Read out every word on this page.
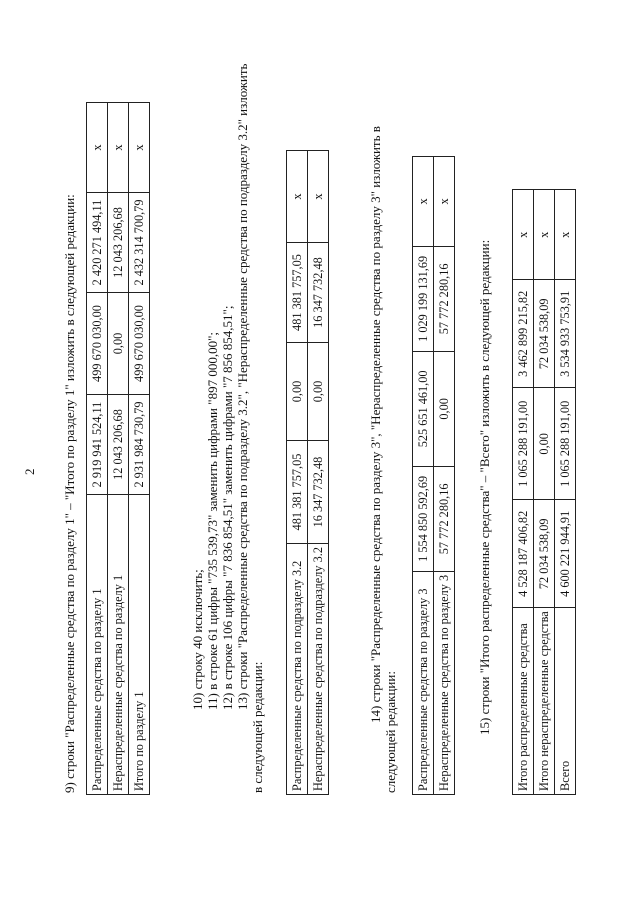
2 9) строки "Распределенные средства по разделу 1" – "Итого по разделу 1" изложить в следующей редакции: Распределенные средства по разделу 1	2 919 941 524,11	499 670 030,00	2 420 271 494,11	x
Нераспределенные средства по разделу 1	12 043 206,68	0,00	12 043 206,68	x
Итого по разделу 1	2 931 984 730,79	499 670 030,00	2 432 314 700,79	x
10) строку 40 исключить; 11) в строке 61 цифры "735 539,73" заменить цифрами "897 000,00"; 12) в строке 106 цифры "7 836 854,51" заменить цифрами "7 856 854,51"; 13) строки "Распределенные средства по подразделу 3.2", "Нераспределенные средства по подразделу 3.2" изложить
в следующей редакции: Распределенные средства по подразделу 3.2	481 381 757,05	0,00	481 381 757,05	x
Нераспределенные средства по подразделу 3.2	16 347 732,48	0,00	16 347 732,48	x	14) строки "Распределенные средства по разделу 3", "Нераспределенные средства по разделу 3" изложить в
следующей редакции: Распределенные средства по разделу 3	1 554 850 592,69	525 651 461,00	1 029 199 131,69	x
Нераспределенные средства по разделу 3	57 772 280,16	0,00	57 772 280,16	x
15) строки "Итого распределенные средства" – "Всего" изложить в следующей редакции: Итого распределенные средства	4 528 187 406,82	1 065 288 191,00	3 462 899 215,82	x
Итого нераспределенные средства	72 034 538,09	0,00	72 034 538,09	x
Всего	4 600 221 944,91	1 065 288 191,00	3 534 933 753,91	x
